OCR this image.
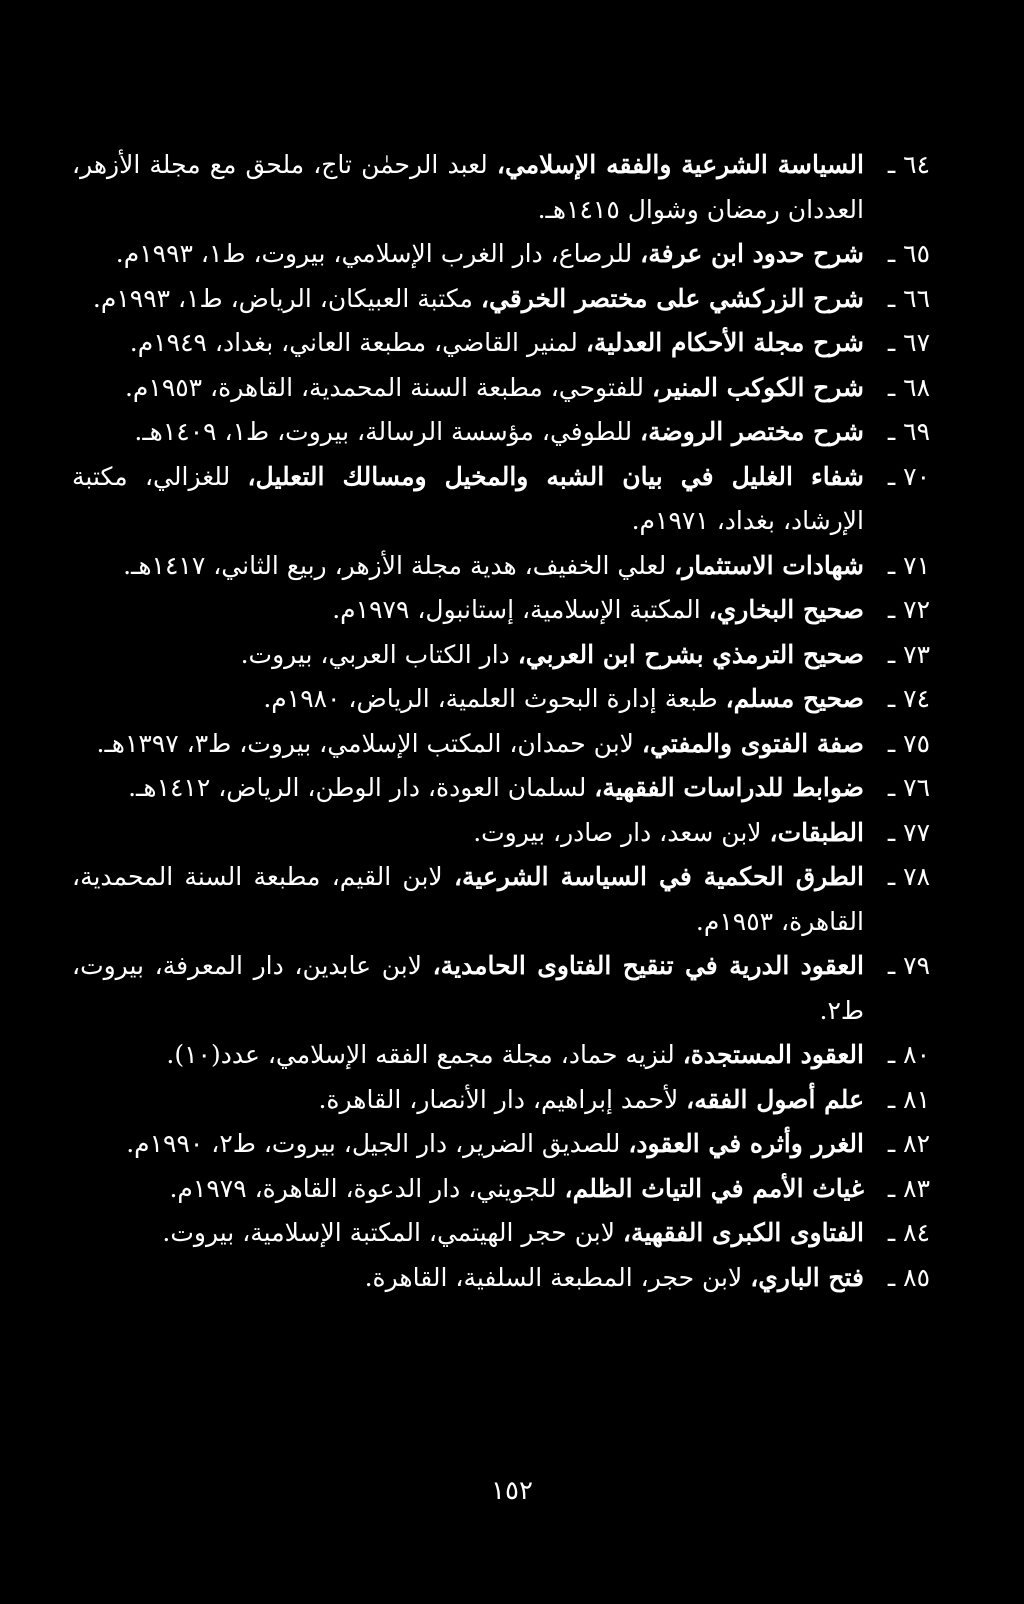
٦٤ ـ
السياسة الشرعية والفقه الإسلامي، لعبد الرحمٰن تاج، ملحق مع مجلة الأزهر، العددان رمضان وشوال ١٤١٥هـ.
٦٥ ـ
شرح حدود ابن عرفة، للرصاع، دار الغرب الإسلامي، بيروت، ط١، ١٩٩٣م.
٦٦ ـ
شرح الزركشي على مختصر الخرقي، مكتبة العبيكان، الرياض، ط١، ١٩٩٣م.
٦٧ ـ
شرح مجلة الأحكام العدلية، لمنير القاضي، مطبعة العاني، بغداد، ١٩٤٩م.
٦٨ ـ
شرح الكوكب المنير، للفتوحي، مطبعة السنة المحمدية، القاهرة، ١٩٥٣م.
٦٩ ـ
شرح مختصر الروضة، للطوفي، مؤسسة الرسالة، بيروت، ط١، ١٤٠٩هـ.
٧٠ ـ
شفاء الغليل في بيان الشبه والمخيل ومسالك التعليل، للغزالي، مكتبة الإرشاد، بغداد، ١٩٧١م.
٧١ ـ
شهادات الاستثمار، لعلي الخفيف، هدية مجلة الأزهر، ربيع الثاني، ١٤١٧هـ.
٧٢ ـ
صحيح البخاري، المكتبة الإسلامية، إستانبول، ١٩٧٩م.
٧٣ ـ
صحيح الترمذي بشرح ابن العربي، دار الكتاب العربي، بيروت.
٧٤ ـ
صحيح مسلم، طبعة إدارة البحوث العلمية، الرياض، ١٩٨٠م.
٧٥ ـ
صفة الفتوى والمفتي، لابن حمدان، المكتب الإسلامي، بيروت، ط٣، ١٣٩٧هـ.
٧٦ ـ
ضوابط للدراسات الفقهية، لسلمان العودة، دار الوطن، الرياض، ١٤١٢هـ.
٧٧ ـ
الطبقات، لابن سعد، دار صادر، بيروت.
٧٨ ـ
الطرق الحكمية في السياسة الشرعية، لابن القيم، مطبعة السنة المحمدية، القاهرة، ١٩٥٣م.
٧٩ ـ
العقود الدرية في تنقيح الفتاوى الحامدية، لابن عابدين، دار المعرفة، بيروت، ط٢.
٨٠ ـ
العقود المستجدة، لنزيه حماد، مجلة مجمع الفقه الإسلامي، عدد(١٠).
٨١ ـ
علم أصول الفقه، لأحمد إبراهيم، دار الأنصار، القاهرة.
٨٢ ـ
الغرر وأثره في العقود، للصديق الضرير، دار الجيل، بيروت، ط٢، ١٩٩٠م.
٨٣ ـ
غياث الأمم في التياث الظلم، للجويني، دار الدعوة، القاهرة، ١٩٧٩م.
٨٤ ـ
الفتاوى الكبرى الفقهية، لابن حجر الهيتمي، المكتبة الإسلامية، بيروت.
٨٥ ـ
فتح الباري، لابن حجر، المطبعة السلفية، القاهرة.
١٥٢
